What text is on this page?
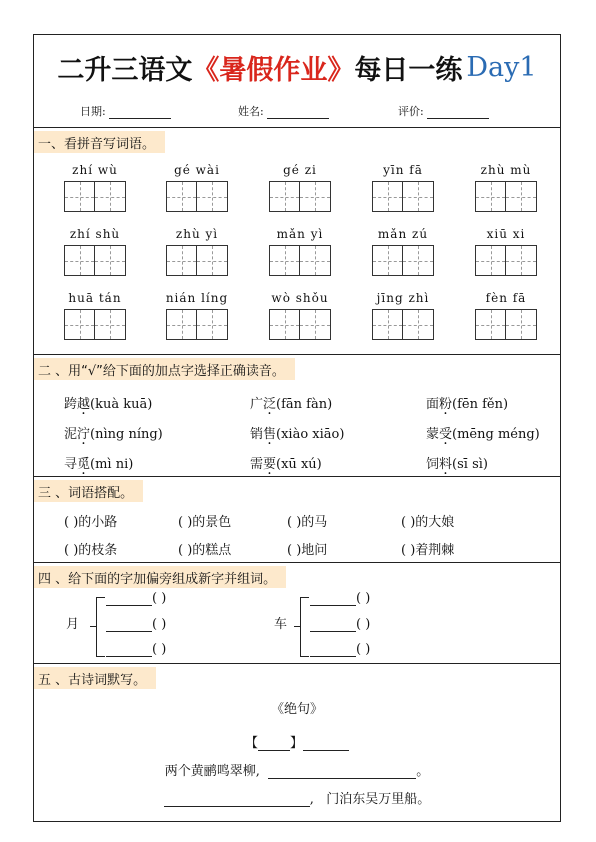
二升三语文 《暑假作业》 每日一练 Day1
日期:	姓名:	评价:
一、看拼音写词语。
zhí wù	gé wài	gé zi	yīn fā	zhù mù
zhí shù	zhù yì	mǎn yì	mǎn zú	xiū xi
huā tán	nián líng	wò shǒu	jīng zhì	fèn fā
二 、用“√”给下面的加点字选择正确读音。
跨越(kuà kuā)	广泛(fān fàn)	面粉(fēn fěn)
泥泞(nìng níng)	销售(xiào xiāo)	蒙受(mēng méng)
寻觅(mì ni)	需要(xū xú)	饲料(sī sì)
三 、词语搭配。
( )的小路	( )的景色	( )的马	( )的大娘
( )的枝条	( )的糕点	( )地问	( )着荆棘
四 、给下面的字加偏旁组成新字并组词。
月
( )
( )
( )
车
( )
( )
( )
五 、古诗词默写。
《绝句》
【 】
两个黄鹂鸣翠柳,	。
, 门泊东吴万里船。
